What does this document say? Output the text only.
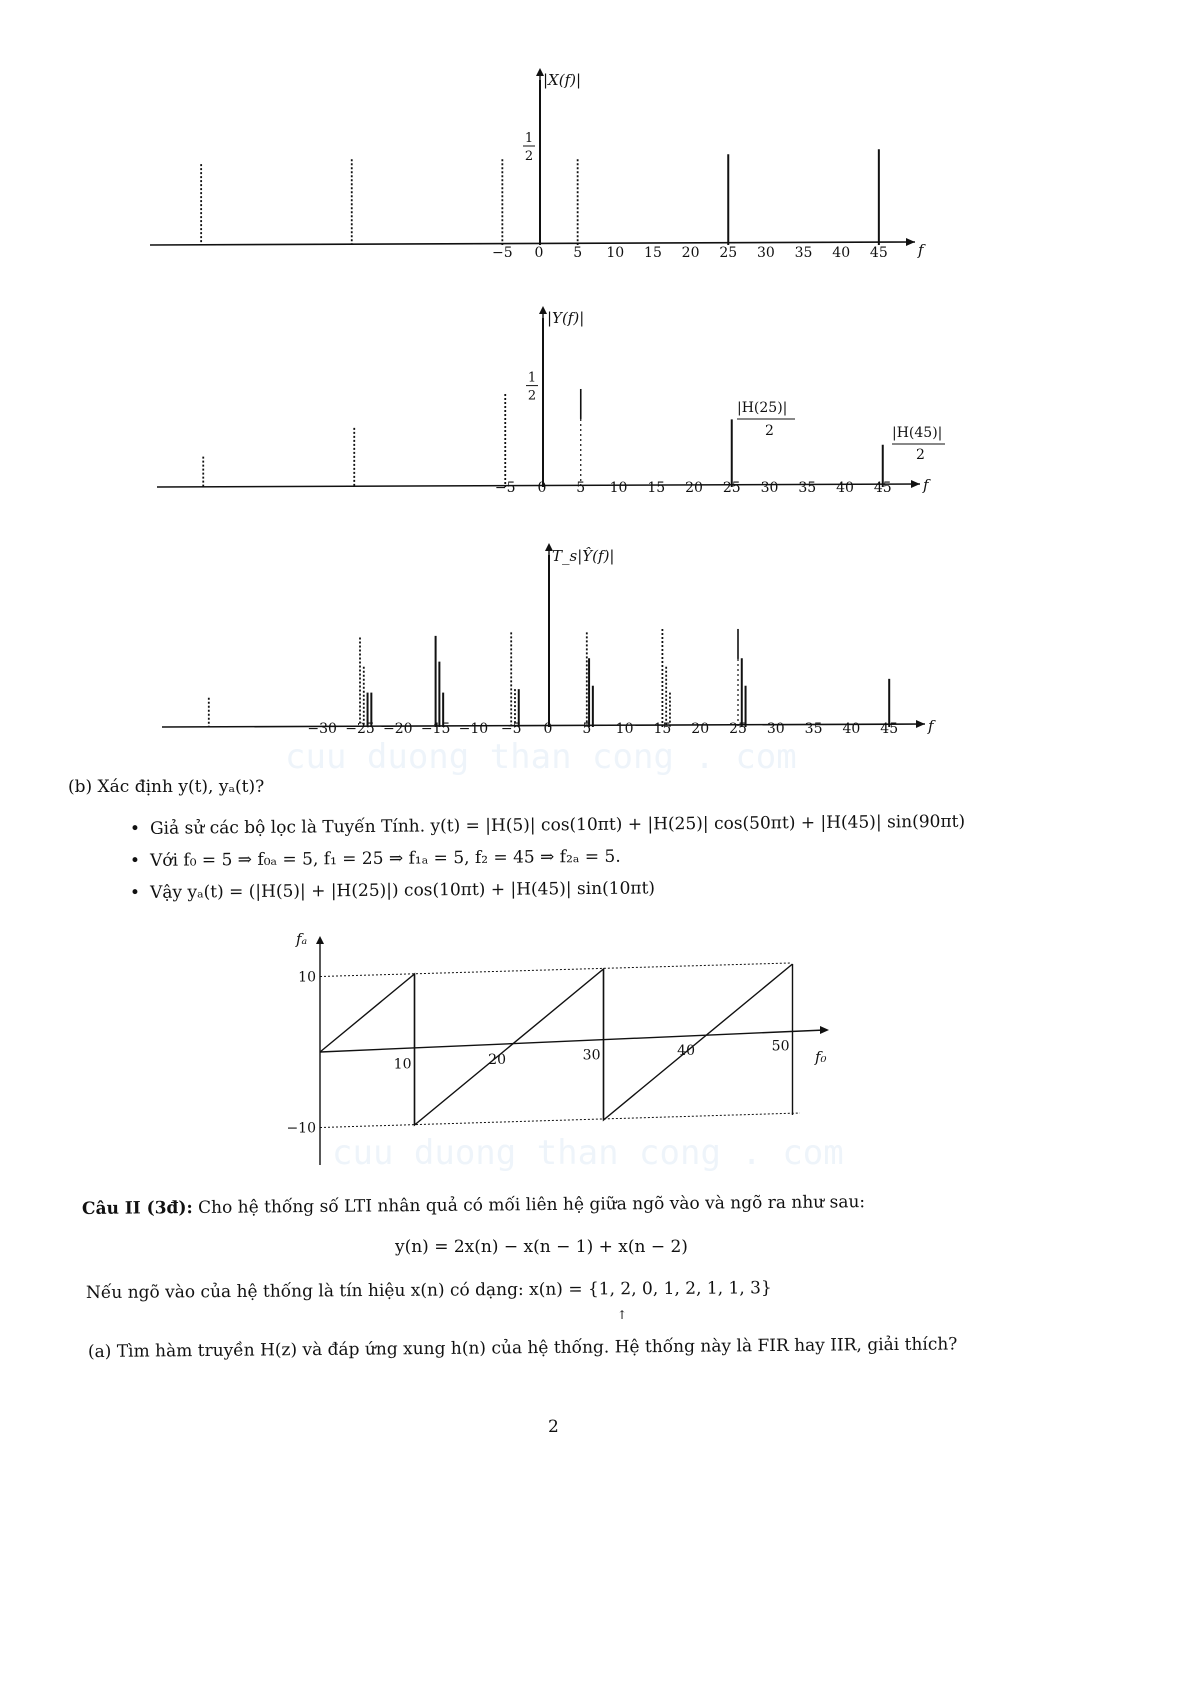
cuu duong than cong . com
cuu duong than cong . com
−5 0 5 10 15 20 25 30 35 40 45 f
1
2
−5 0 5 10 15 20 25 30 35 40 45 f
1
2
−30 −25 −20 −15 −10 −5 0 5 10 15 20 25 30 35 40 45 f
fₐ
f₀
10
−10
10	20	30	40	50
|X(f)|
|Y(f)|
T_s|Ŷ(f)|
|H(25)|
2	|H(45)|
2
(b) Xác định y(t), yₐ(t)?
• Giả sử các bộ lọc là Tuyến Tính. y(t) = |H(5)| cos(10πt) + |H(25)| cos(50πt) + |H(45)| sin(90πt)
• Với f₀ = 5 ⇒ f₀ₐ = 5, f₁ = 25 ⇒ f₁ₐ = 5, f₂ = 45 ⇒ f₂ₐ = 5.
• Vậy yₐ(t) = (|H(5)| + |H(25)|) cos(10πt) + |H(45)| sin(10πt)
Câu II (3đ): Cho hệ thống số LTI nhân quả có mối liên hệ giữa ngõ vào và ngõ ra như sau:
y(n) = 2x(n) − x(n − 1) + x(n − 2)
Nếu ngõ vào của hệ thống là tín hiệu x(n) có dạng: x(n) = {1, 2, 0, 1, 2, 1, 1, 3}
↑
(a) Tìm hàm truyền H(z) và đáp ứng xung h(n) của hệ thống. Hệ thống này là FIR hay IIR, giải thích?
2
